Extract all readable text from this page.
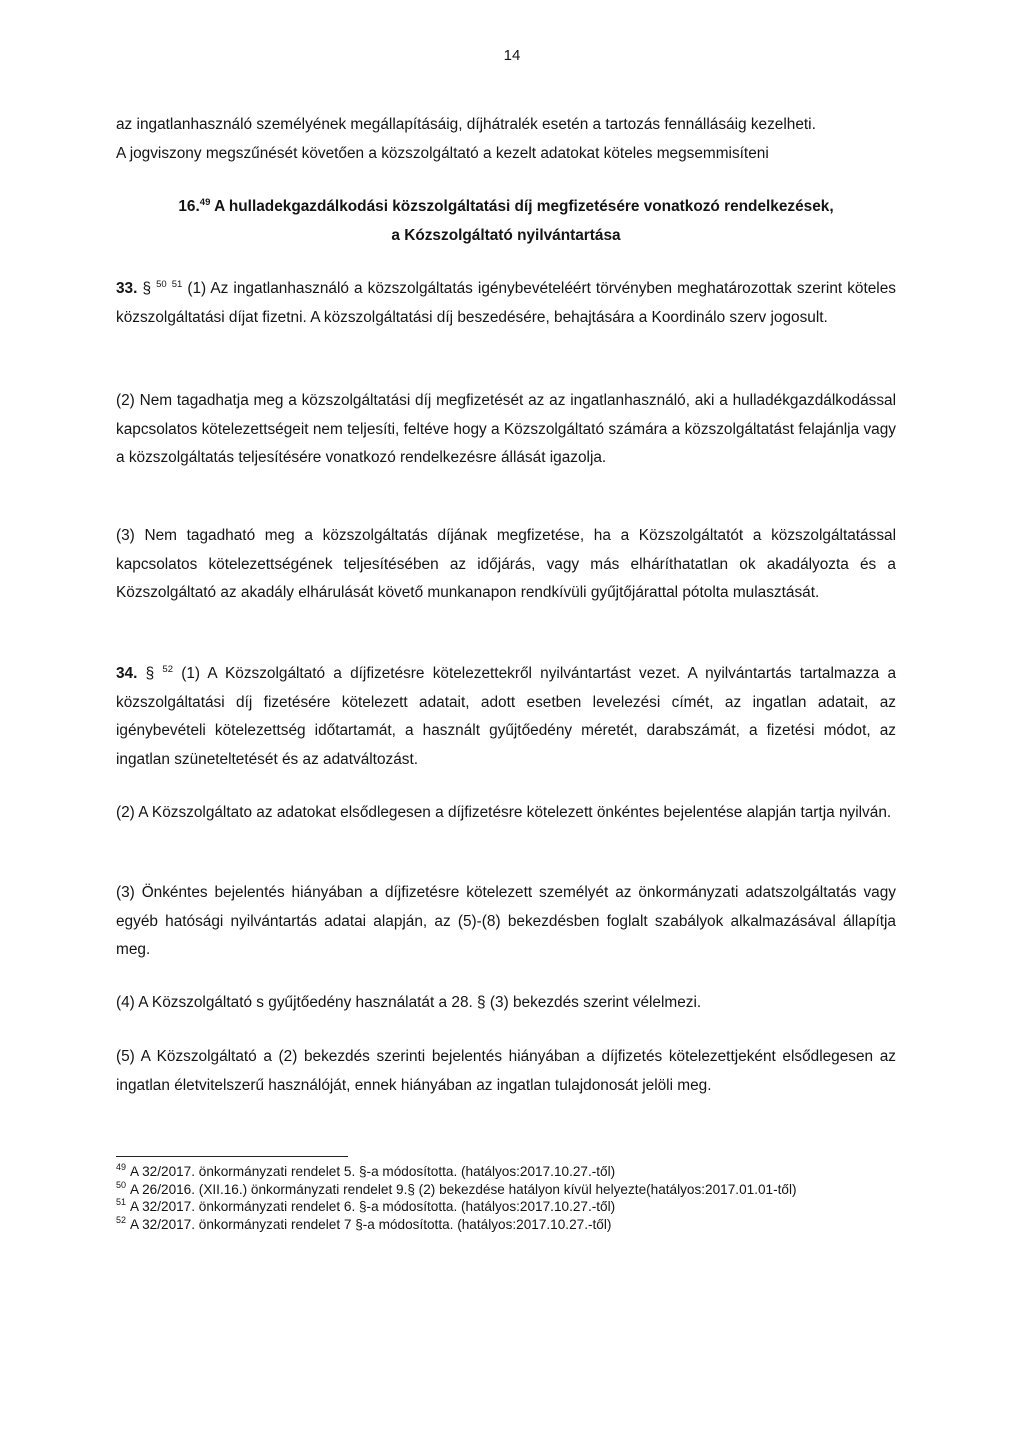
14
az ingatlanhasználó személyének megállapításáig, díjhátralék esetén a tartozás fennállásáig kezelheti.
A jogviszony megszűnését követően a közszolgáltató a kezelt adatokat köteles megsemmisíteni
16.49 A hulladekgazdálkodási közszolgáltatási díj megfizetésére vonatkozó rendelkezések,
a Kózszolgáltató nyilvántartása
33. § $^{50}$ $^{51}$ (1) Az ingatlanhasználó a közszolgáltatás igénybevételéért törvényben meghatározottak szerint köteles közszolgáltatási díjat fizetni. A közszolgáltatási díj beszedésére, behajtására a Koordinálo szerv jogosult.
(2) Nem tagadhatja meg a közszolgáltatási díj megfizetését az az ingatlanhasználó, aki a hulladékgazdálkodással kapcsolatos kötelezettségeit nem teljesíti, feltéve hogy a Közszolgáltató számára a közszolgáltatást felajánlja vagy a közszolgáltatás teljesítésére vonatkozó rendelkezésre állását igazolja.
(3) Nem tagadható meg a közszolgáltatás díjának megfizetése, ha a Közszolgáltatót a közszolgáltatással kapcsolatos kötelezettségének teljesítésében az időjárás, vagy más elháríthatatlan ok akadályozta és a Közszolgáltató az akadály elhárulását követő munkanapon rendkívüli gyűjtőjárattal pótolta mulasztását.
34. § $^{52}$ (1) A Közszolgáltató a díjfizetésre kötelezettekről nyilvántartást vezet. A nyilvántartás tartalmazza a közszolgáltatási díj fizetésére kötelezett adatait, adott esetben levelezési címét, az ingatlan adatait, az igénybevételi kötelezettség időtartamát, a használt gyűjtőedény méretét, darabszámát, a fizetési módot, az ingatlan szüneteltetését és az adatváltozást.
(2) A Közszolgáltato az adatokat elsődlegesen a díjfizetésre kötelezett önkéntes bejelentése alapján tartja nyilván.
(3) Önkéntes bejelentés hiányában a díjfizetésre kötelezett személyét az önkormányzati adatszolgáltatás vagy egyéb hatósági nyilvántartás adatai alapján, az (5)-(8) bekezdésben foglalt szabályok alkalmazásával állapítja meg.
(4) A Közszolgáltató s gyűjtőedény használatát a 28. § (3) bekezdés szerint vélelmezi.
(5) A Közszolgáltató a (2) bekezdés szerinti bejelentés hiányában a díjfizetés kötelezettjeként elsődlegesen az ingatlan életvitelszerű használóját, ennek hiányában az ingatlan tulajdonosát jelöli meg.

$^{49}$ A 32/2017. önkormányzati rendelet 5. §-a módosította. (hatályos:2017.10.27.-től)

$^{50}$ A 26/2016. (XII.16.) önkormányzati rendelet 9.§ (2) bekezdése hatályon kívül helyezte(hatályos:2017.01.01-től)

$^{51}$ A 32/2017. önkormányzati rendelet 6. §-a módosította. (hatályos:2017.10.27.-től)

$^{52}$ A 32/2017. önkormányzati rendelet 7 §-a módosította. (hatályos:2017.10.27.-től)
